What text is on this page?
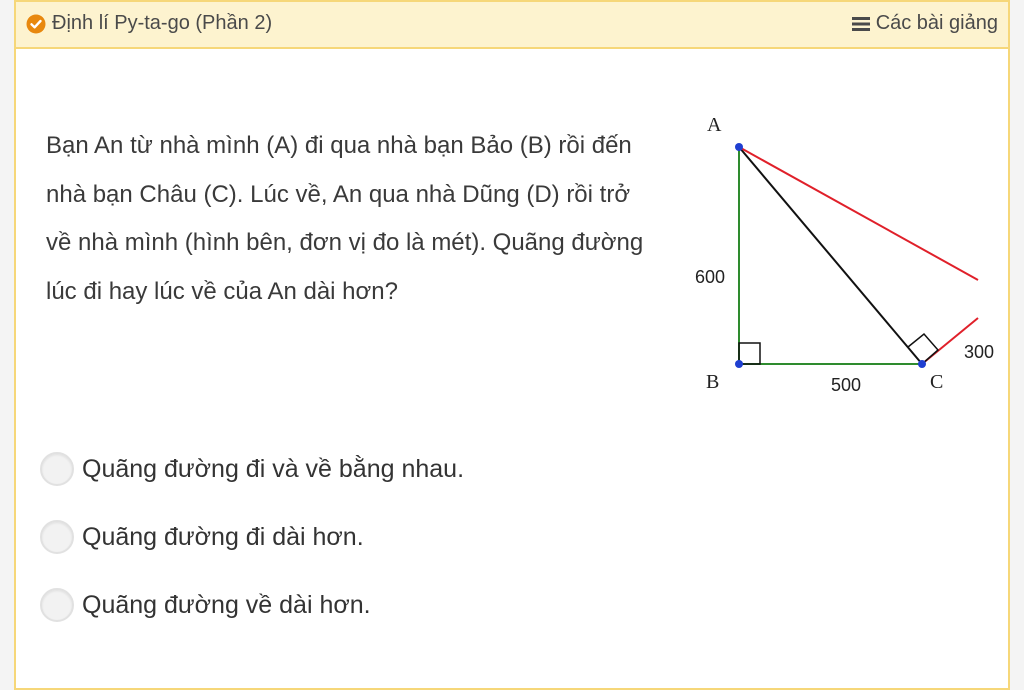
Định lí Py-ta-go (Phần 2)	Các bài giảng
Bạn An từ nhà mình (A) đi qua nhà bạn Bảo (B) rồi đến nhà bạn Châu (C). Lúc về, An qua nhà Dũng (D) rồi trở về nhà mình (hình bên, đơn vị đo là mét). Quãng đường lúc đi hay lúc về của An dài hơn?
A
B	C
600
500
300
Quãng đường đi và về bằng nhau.
Quãng đường đi dài hơn.
Quãng đường về dài hơn.
